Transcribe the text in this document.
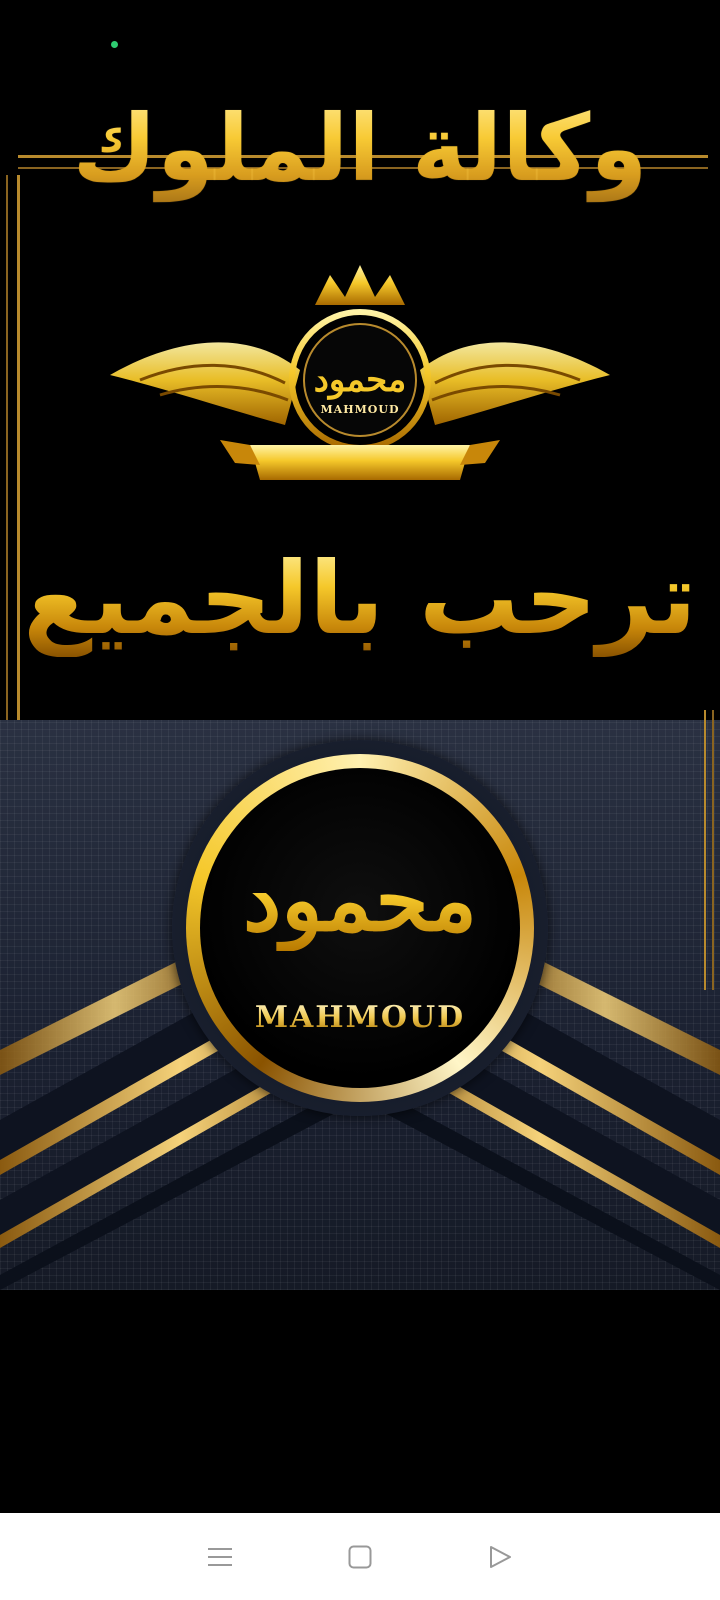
وكالة الملوك
محمود
MAHMOUD
ترحب بالجميع
محمود
MAHMOUD
